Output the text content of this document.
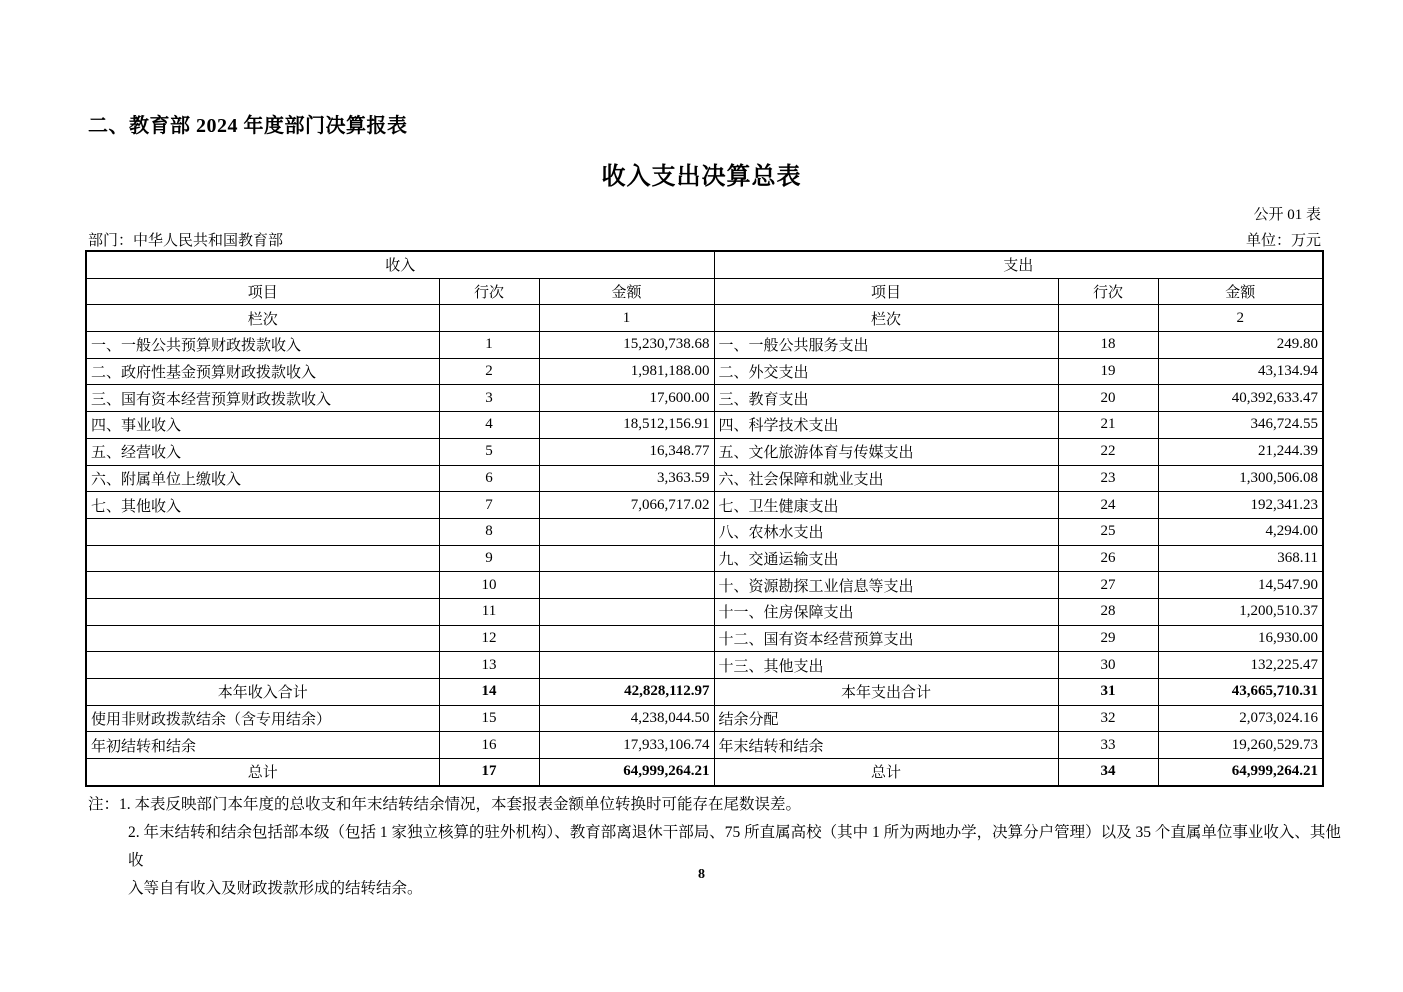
二、教育部 2024 年度部门决算报表
收入支出决算总表
公开 01 表
部门：中华人民共和国教育部	单位：万元
收入			支出		
项目	行次	金额	项目	行次	金额
栏次		1	栏次		2
一、一般公共预算财政拨款收入	1	15,230,738.68	一、一般公共服务支出	18	249.80
二、政府性基金预算财政拨款收入	2	1,981,188.00	二、外交支出	19	43,134.94
三、国有资本经营预算财政拨款收入	3	17,600.00	三、教育支出	20	40,392,633.47
四、事业收入	4	18,512,156.91	四、科学技术支出	21	346,724.55
五、经营收入	5	16,348.77	五、文化旅游体育与传媒支出	22	21,244.39
六、附属单位上缴收入	6	3,363.59	六、社会保障和就业支出	23	1,300,506.08
七、其他收入	7	7,066,717.02	七、卫生健康支出	24	192,341.23
	8		八、农林水支出	25	4,294.00
	9		九、交通运输支出	26	368.11
	10		十、资源勘探工业信息等支出	27	14,547.90
	11		十一、住房保障支出	28	1,200,510.37
	12		十二、国有资本经营预算支出	29	16,930.00
	13		十三、其他支出	30	132,225.47
本年收入合计	14	42,828,112.97	本年支出合计	31	43,665,710.31
使用非财政拨款结余（含专用结余）	15	4,238,044.50	结余分配	32	2,073,024.16
年初结转和结余	16	17,933,106.74	年末结转和结余	33	19,260,529.73
总计	17	64,999,264.21	总计	34	64,999,264.21
注：1. 本表反映部门本年度的总收支和年末结转结余情况，本套报表金额单位转换时可能存在尾数误差。
2. 年末结转和结余包括部本级（包括 1 家独立核算的驻外机构）、教育部离退休干部局、75 所直属高校（其中 1 所为两地办学，决算分户管理）以及 35 个直属单位事业收入、其他收
入等自有收入及财政拨款形成的结转结余。
8
